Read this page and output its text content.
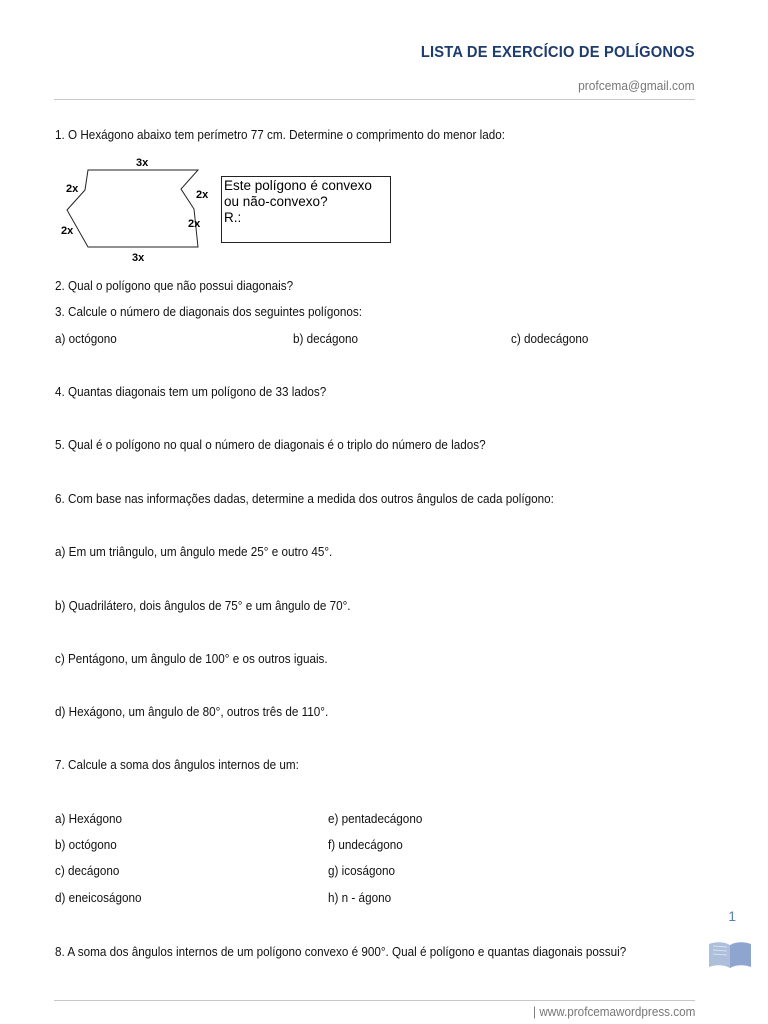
LISTA DE EXERCÍCIO DE POLÍGONOS
profcema@gmail.com
1. O Hexágono abaixo tem perímetro 77 cm. Determine o comprimento do menor lado:
3x
3x
2x
2x
2x
2x
Este polígono é convexo
ou não-convexo?
R.:
2. Qual o polígono que não possui diagonais?
3. Calcule o número de diagonais dos seguintes polígonos:
a) octógono	b) decágono	c) dodecágono
4. Quantas diagonais tem um polígono de 33 lados?
5. Qual é o polígono no qual o número de diagonais é o triplo do número de lados?
6. Com base nas informações dadas, determine a medida dos outros ângulos de cada polígono:
a) Em um triângulo, um ângulo mede 25° e outro 45°.
b) Quadrilátero, dois ângulos de 75° e um ângulo de 70°.
c) Pentágono, um ângulo de 100° e os outros iguais.
d) Hexágono, um ângulo de 80°, outros três de 110°.
7. Calcule a soma dos ângulos internos de um:
a) Hexágono
b) octógono
c) decágono
d) eneicoságono
e) pentadecágono
f) undecágono
g) icoságono
h) n - ágono
1
8. A soma dos ângulos internos de um polígono convexo é 900°. Qual é polígono e quantas diagonais possui?
| www.profcemawordpress.com
